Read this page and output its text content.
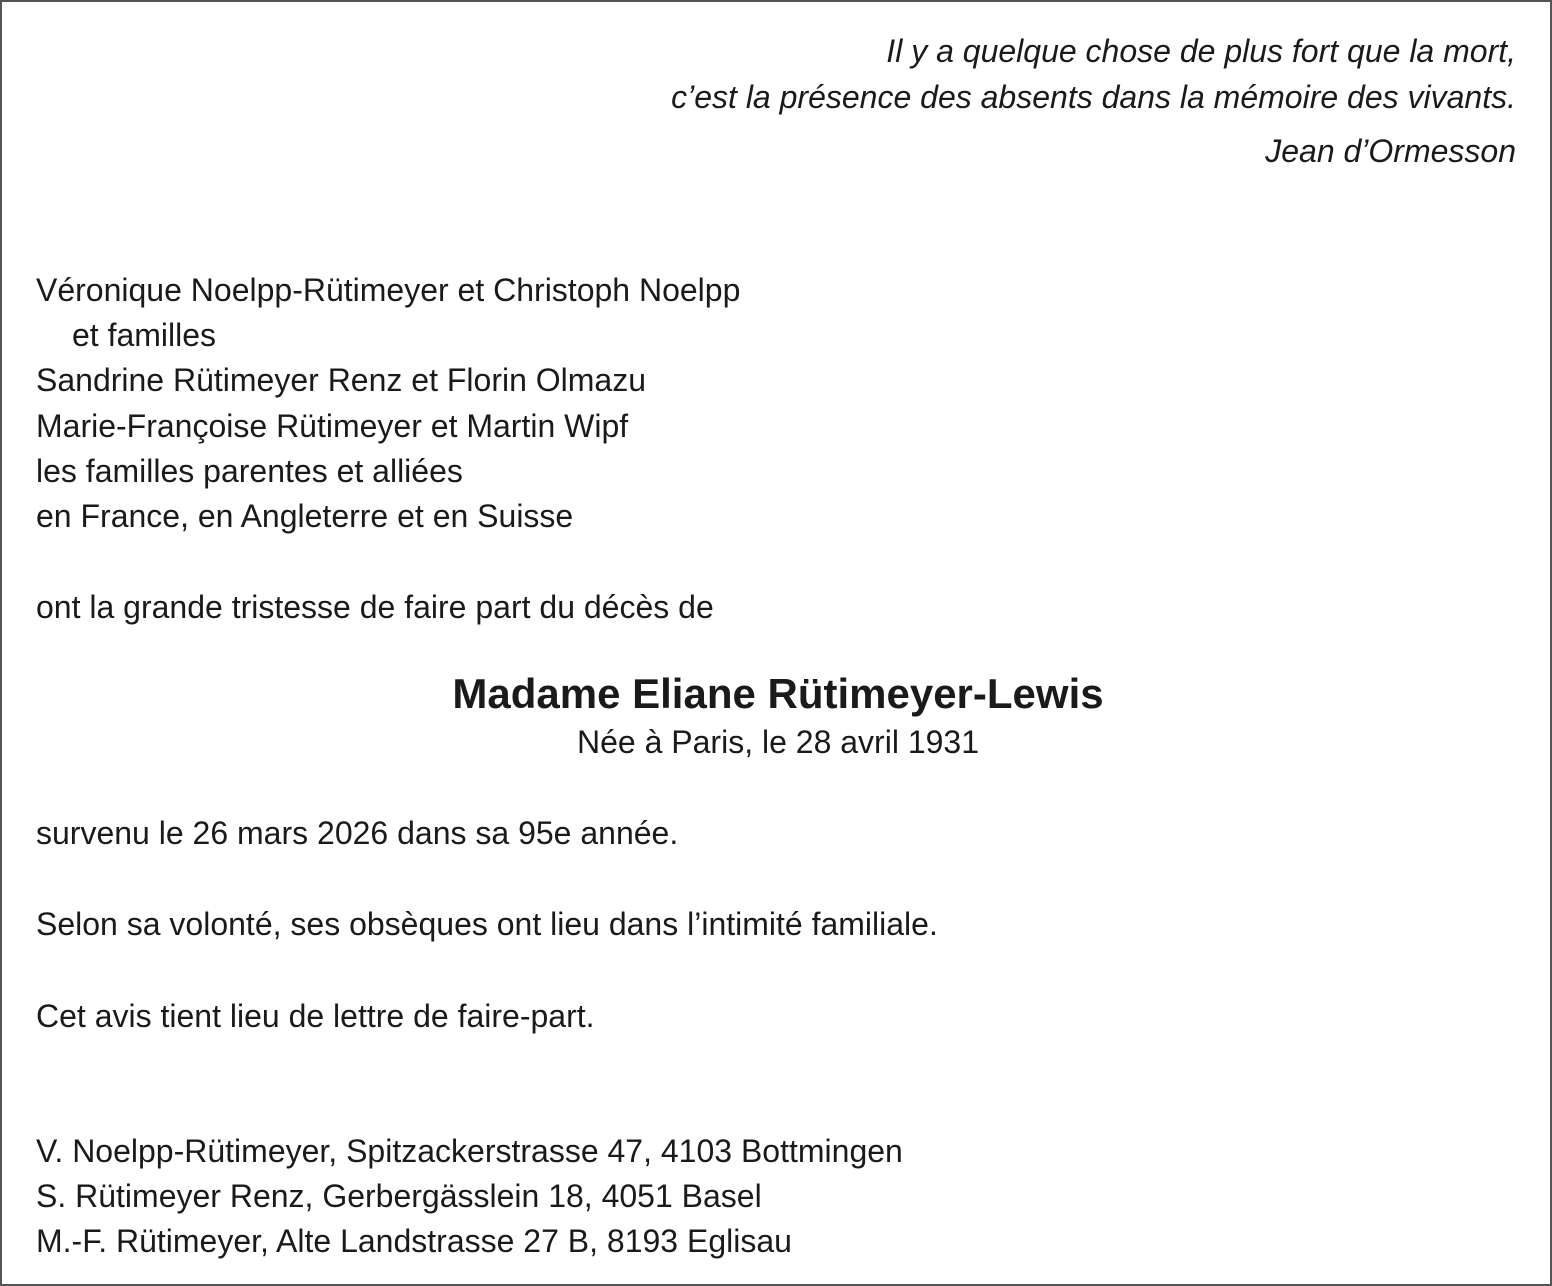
Il y a quelque chose de plus fort que la mort,
c’est la présence des absents dans la mémoire des vivants.
Jean d’Ormesson
Véronique Noelpp-Rütimeyer et Christoph Noelpp
et familles
Sandrine Rütimeyer Renz et Florin Olmazu
Marie-Françoise Rütimeyer et Martin Wipf
les familles parentes et alliées
en France, en Angleterre et en Suisse
ont la grande tristesse de faire part du décès de
Madame Eliane Rütimeyer-Lewis
Née à Paris, le 28 avril 1931
survenu le 26 mars 2026 dans sa 95e année.
Selon sa volonté, ses obsèques ont lieu dans l’intimité familiale.
Cet avis tient lieu de lettre de faire-part.
V. Noelpp-Rütimeyer, Spitzackerstrasse 47, 4103 Bottmingen
S. Rütimeyer Renz, Gerbergässlein 18, 4051 Basel
M.-F. Rütimeyer, Alte Landstrasse 27 B, 8193 Eglisau
